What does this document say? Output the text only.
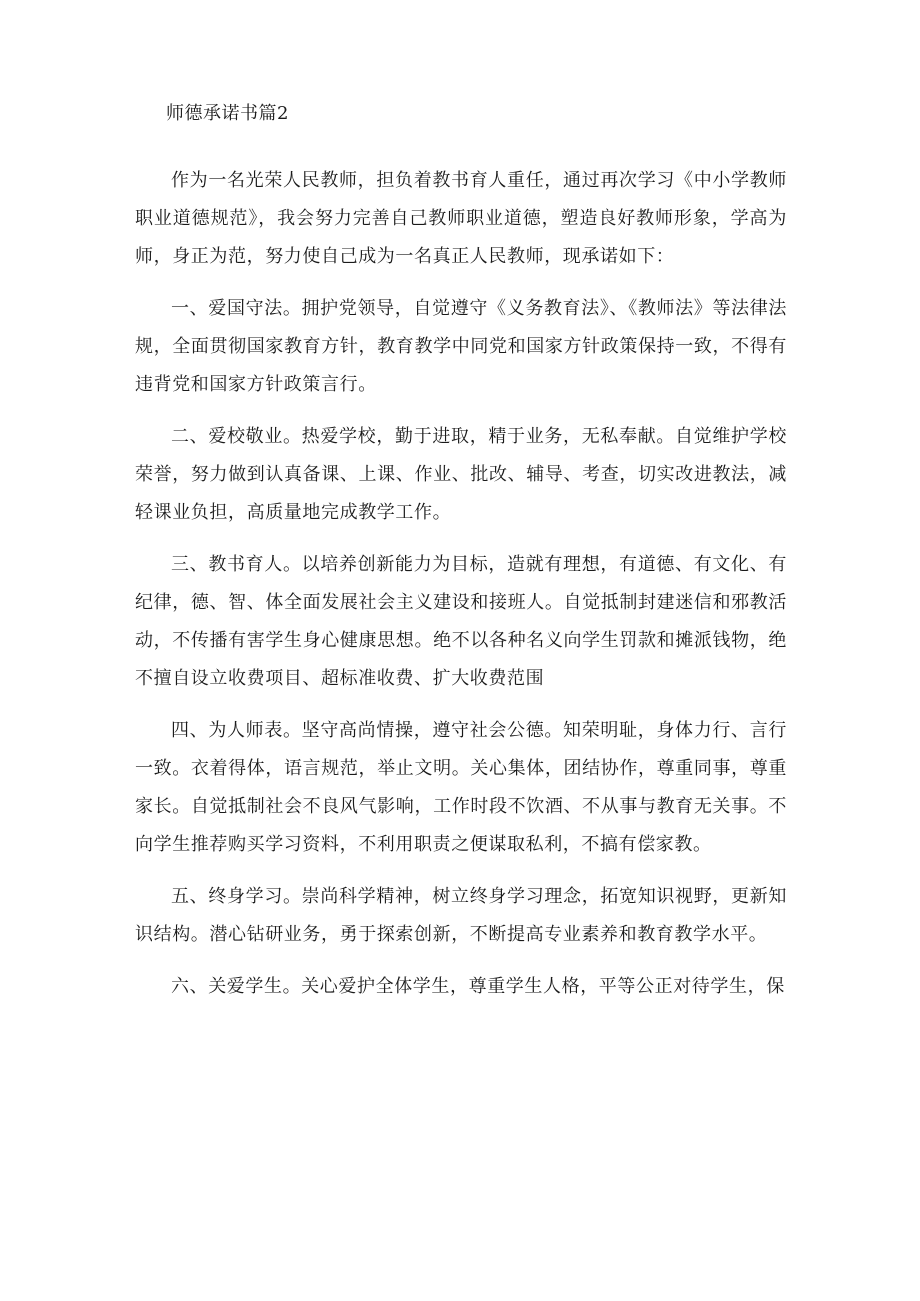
师德承诺书篇2

作为一名光荣人民教师，担负着教书育人重任，通过再次学习《中小学教师职业道德规范》，我会努力完善自己教师职业道德，塑造良好教师形象，学高为师，身正为范，努力使自己成为一名真正人民教师，现承诺如下：

一、爱国守法。拥护党领导，自觉遵守《义务教育法》、《教师法》等法律法规，全面贯彻国家教育方针，教育教学中同党和国家方针政策保持一致，不得有违背党和国家方针政策言行。

二、爱校敬业。热爱学校，勤于进取，精于业务，无私奉献。自觉维护学校荣誉，努力做到认真备课、上课、作业、批改、辅导、考查，切实改进教法，减轻课业负担，高质量地完成教学工作。

三、教书育人。以培养创新能力为目标，造就有理想，有道德、有文化、有纪律，德、智、体全面发展社会主义建设和接班人。自觉抵制封建迷信和邪教活动，不传播有害学生身心健康思想。绝不以各种名义向学生罚款和摊派钱物，绝不擅自设立收费项目、超标准收费、扩大收费范围

四、为人师表。坚守高尚情操，遵守社会公德。知荣明耻，身体力行、言行一致。衣着得体，语言规范，举止文明。关心集体，团结协作，尊重同事，尊重家长。自觉抵制社会不良风气影响，工作时段不饮酒、不从事与教育无关事。不向学生推荐购买学习资料，不利用职责之便谋取私利，不搞有偿家教。

五、终身学习。崇尚科学精神，树立终身学习理念，拓宽知识视野，更新知识结构。潜心钻研业务，勇于探索创新，不断提高专业素养和教育教学水平。

六、关爱学生。关心爱护全体学生，尊重学生人格，平等公正对待学生，保
